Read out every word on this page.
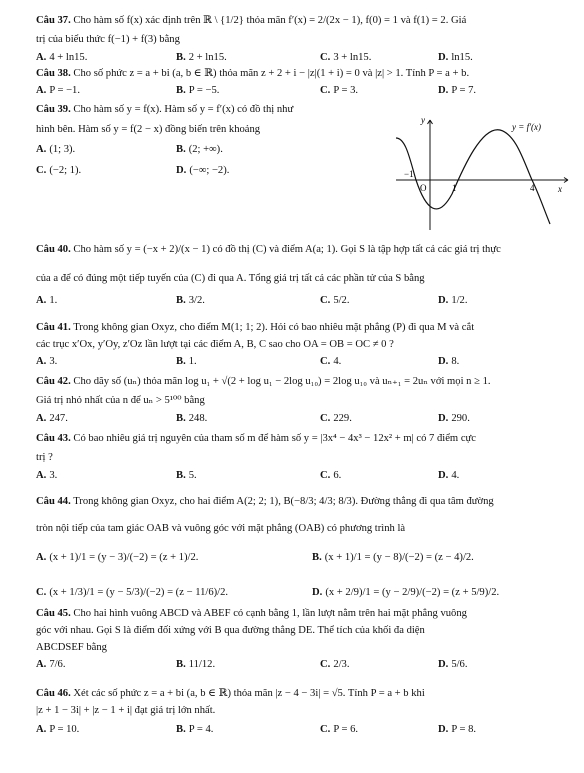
Câu 37. Cho hàm số f(x) xác định trên ℝ \ {1/2} thỏa mãn f′(x) = 2/(2x − 1), f(0) = 1 và f(1) = 2. Giá
trị của biểu thức f(−1) + f(3) bằng
A. 4 + ln15.	B. 2 + ln15.	C. 3 + ln15.	D. ln15.
Câu 38. Cho số phức z = a + bi (a, b ∈ ℝ) thỏa mãn z + 2 + i − |z|(1 + i) = 0 và |z| > 1. Tính P = a + b.
A. P = −1.	B. P = −5.	C. P = 3.	D. P = 7.
Câu 39. Cho hàm số y = f(x). Hàm số y = f′(x) có đồ thị như
hình bên. Hàm số y = f(2 − x) đồng biến trên khoảng
A. (1; 3).	B. (2; +∞).
C. (−2; 1).	D. (−∞; −2).
y
x
y = f′(x)
O
−1
1	4
Câu 40. Cho hàm số y = (−x + 2)/(x − 1) có đồ thị (C) và điểm A(a; 1). Gọi S là tập hợp tất cả các giá trị thực
của a để có đúng một tiếp tuyến của (C) đi qua A. Tổng giá trị tất cả các phần tử của S bằng
A. 1.	B. 3/2.	C. 5/2.	D. 1/2.
Câu 41. Trong không gian Oxyz, cho điểm M(1; 1; 2). Hỏi có bao nhiêu mặt phẳng (P) đi qua M và cắt
các trục x′Ox, y′Oy, z′Oz lần lượt tại các điểm A, B, C sao cho OA = OB = OC ≠ 0 ?
A. 3.	B. 1.	C. 4.	D. 8.
Câu 42. Cho dãy số (uₙ) thỏa mãn log u₁ + √(2 + log u₁ − 2log u₁₀) = 2log u₁₀ và uₙ₊₁ = 2uₙ với mọi n ≥ 1.
Giá trị nhỏ nhất của n để uₙ > 5¹⁰⁰ bằng
A. 247.	B. 248.	C. 229.	D. 290.
Câu 43. Có bao nhiêu giá trị nguyên của tham số m để hàm số y = |3x⁴ − 4x³ − 12x² + m| có 7 điểm cực
trị ?
A. 3.	B. 5.	C. 6.	D. 4.
Câu 44. Trong không gian Oxyz, cho hai điểm A(2; 2; 1), B(−8/3; 4/3; 8/3). Đường thẳng đi qua tâm đường
tròn nội tiếp của tam giác OAB và vuông góc với mặt phẳng (OAB) có phương trình là
A. (x + 1)/1 = (y − 3)/(−2) = (z + 1)/2.	B. (x + 1)/1 = (y − 8)/(−2) = (z − 4)/2.
C. (x + 1/3)/1 = (y − 5/3)/(−2) = (z − 11/6)/2.	D. (x + 2/9)/1 = (y − 2/9)/(−2) = (z + 5/9)/2.
Câu 45. Cho hai hình vuông ABCD và ABEF có cạnh bằng 1, lần lượt nằm trên hai mặt phẳng vuông
góc với nhau. Gọi S là điểm đối xứng với B qua đường thẳng DE. Thể tích của khối đa diện
ABCDSEF bằng
A. 7/6.	B. 11/12.	C. 2/3.	D. 5/6.
Câu 46. Xét các số phức z = a + bi (a, b ∈ ℝ) thỏa mãn |z − 4 − 3i| = √5. Tính P = a + b khi
|z + 1 − 3i| + |z − 1 + i| đạt giá trị lớn nhất.
A. P = 10.	B. P = 4.	C. P = 6.	D. P = 8.
